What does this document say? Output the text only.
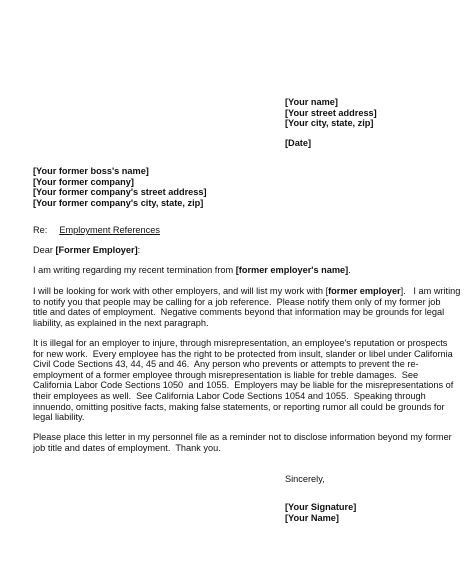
[Your name]
[Your street address]
[Your city, state, zip]
[Date]
[Your former boss's name]
[Your former company]
[Your former company's street address]
[Your former company's city, state, zip]
Re: Employment References
Dear [Former Employer]:
I am writing regarding my recent termination from [former employer's name].
I will be looking for work with other employers, and will list my work with [former employer].   I am writing
to notify you that people may be calling for a job reference.  Please notify them only of my former job
title and dates of employment.  Negative comments beyond that information may be grounds for legal
liability, as explained in the next paragraph.
It is illegal for an employer to injure, through misrepresentation, an employee's reputation or prospects
for new work.  Every employee has the right to be protected from insult, slander or libel under California
Civil Code Sections 43, 44, 45 and 46.  Any person who prevents or attempts to prevent the re-
employment of a former employee through misrepresentation is liable for treble damages.  See
California Labor Code Sections 1050  and 1055.  Employers may be liable for the misrepresentations of
their employees as well.  See California Labor Code Sections 1054 and 1055.  Speaking through
innuendo, omitting positive facts, making false statements, or reporting rumor all could be grounds for
legal liability.
Please place this letter in my personnel file as a reminder not to disclose information beyond my former
job title and dates of employment.  Thank you.
Sincerely,
[Your Signature]
[Your Name]
